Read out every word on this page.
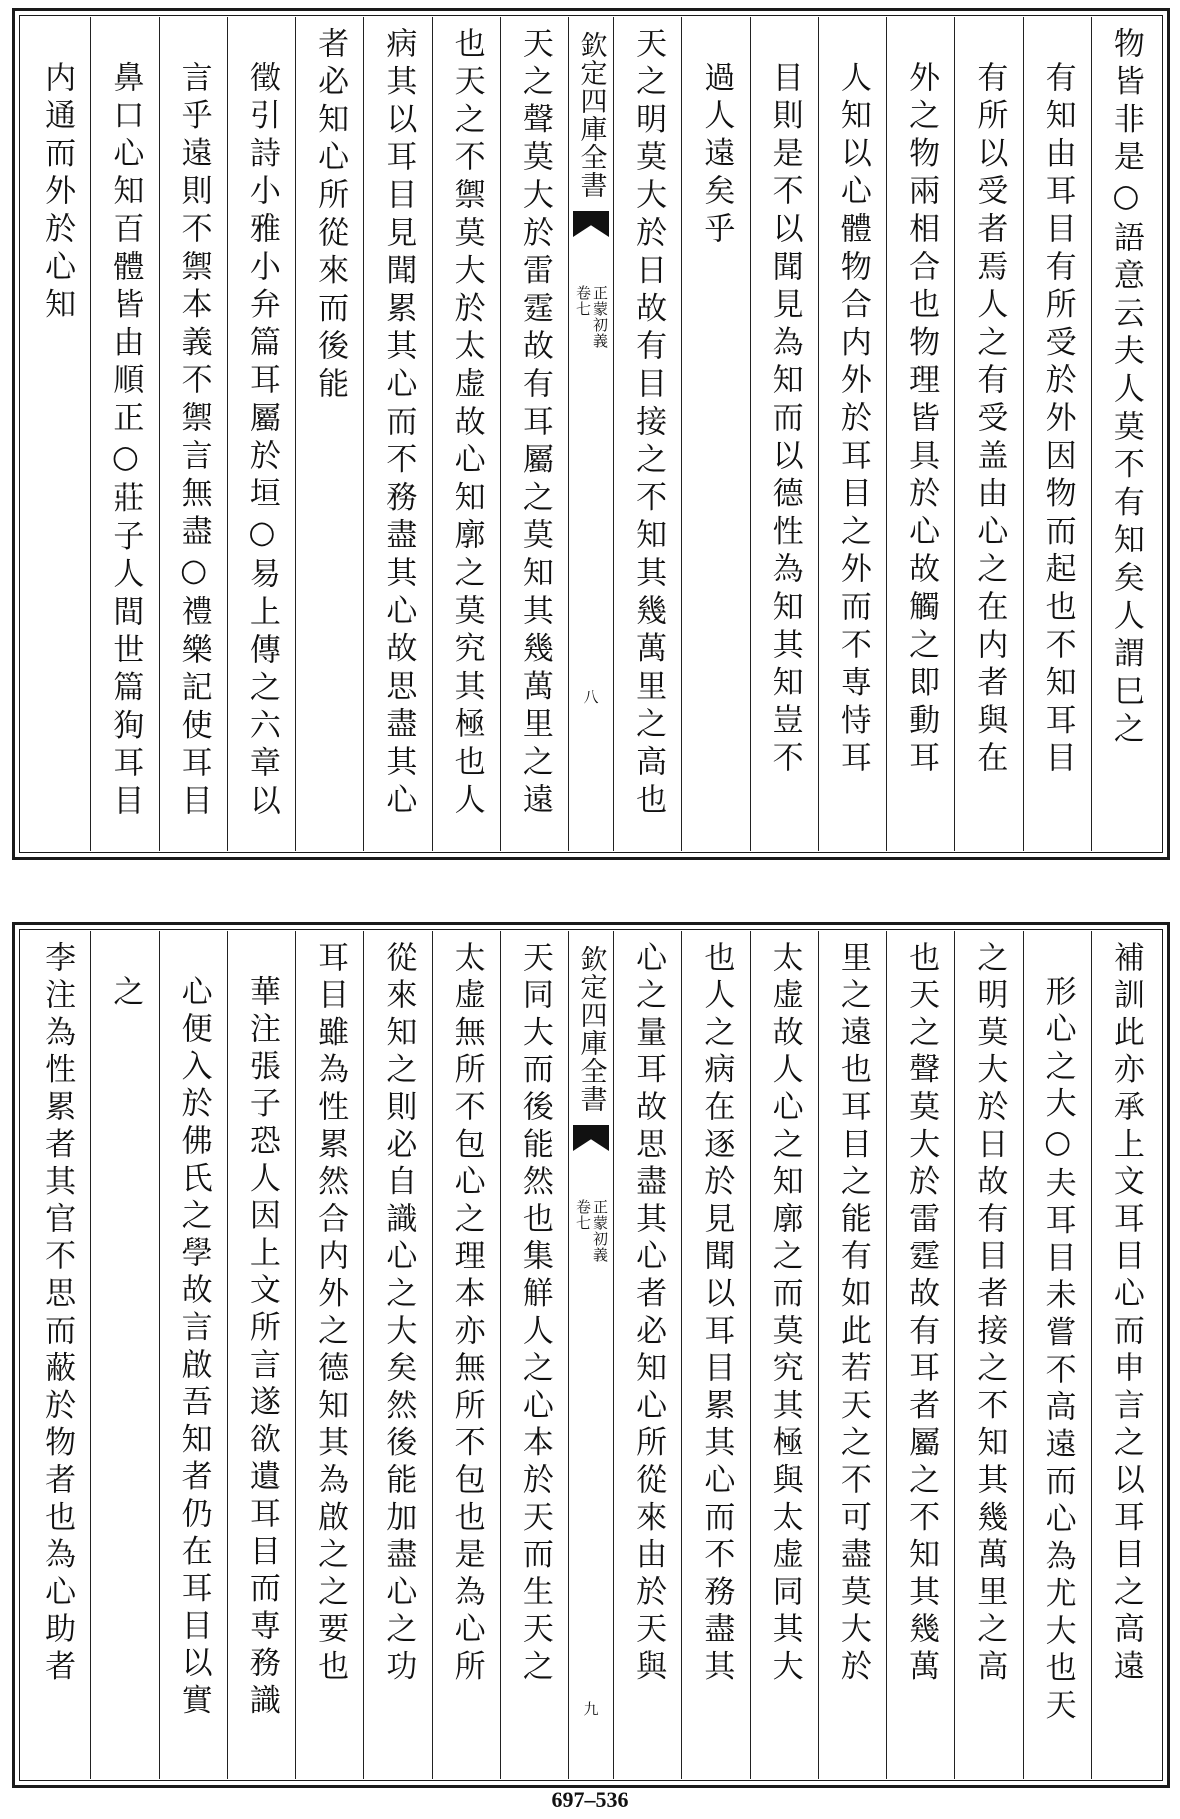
物皆非是○語意云夫人莫不有知矣人謂巳之
有知由耳目有所受於外因物而起也不知耳目
有所以受者焉人之有受盖由心之在内者與在
外之物兩相合也物理皆具於心故觸之即動耳
人知以心體物合内外於耳目之外而不専恃耳
目則是不以聞見為知而以德性為知其知豈不
過人遠矣乎
天之明莫大於日故有目接之不知其幾萬里之高也
欽定四庫全書
正蒙初義
卷七
八
天之聲莫大於雷霆故有耳屬之莫知其幾萬里之遠
也天之不禦莫大於太虚故心知廓之莫究其極也人
病其以耳目見聞累其心而不務盡其心故思盡其心
者必知心所從來而後能
徵引詩小雅小弁篇耳屬於垣○易上傳之六章以
言乎遠則不禦本義不禦言無盡○禮樂記使耳目
鼻口心知百體皆由順正○莊子人間世篇狥耳目
内通而外於心知
補訓此亦承上文耳目心而申言之以耳目之高遠
形心之大○夫耳目未嘗不高遠而心為尤大也天
之明莫大於日故有目者接之不知其幾萬里之高
也天之聲莫大於雷霆故有耳者屬之不知其幾萬
里之遠也耳目之能有如此若天之不可盡莫大於
太虚故人心之知廓之而莫究其極與太虚同其大
也人之病在逐於見聞以耳目累其心而不務盡其
心之量耳故思盡其心者必知心所從來由於天與
欽定四庫全書
正蒙初義
卷七
九
天同大而後能然也集觧人之心本於天而生天之
太虚無所不包心之理本亦無所不包也是為心所
從來知之則必自識心之大矣然後能加盡心之功
耳目雖為性累然合内外之德知其為啟之之要也
華注張子恐人因上文所言遂欲遺耳目而専務識
心便入於佛氏之學故言啟吾知者仍在耳目以實
之
李注為性累者其官不思而蔽於物者也為心助者
697–536
